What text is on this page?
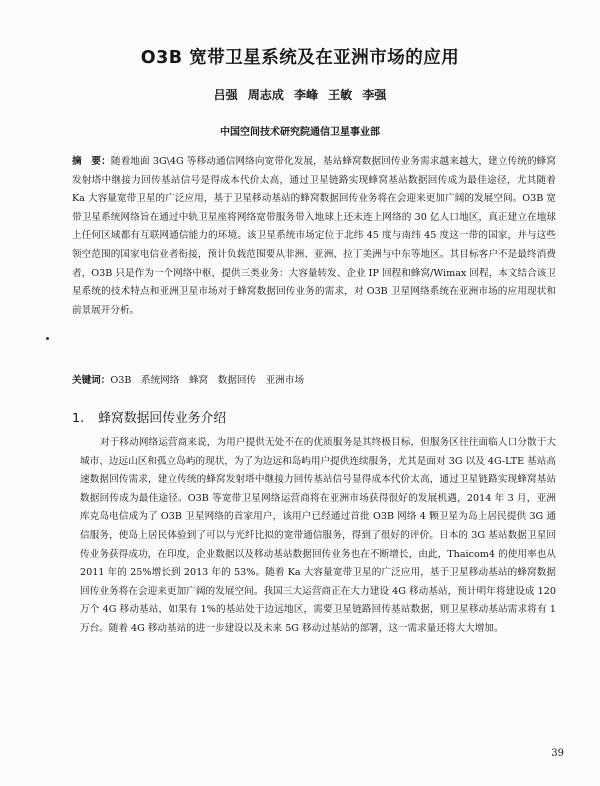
O3B 宽带卫星系统及在亚洲市场的应用

吕强 周志成 李峰 王敏 李强

中国空间技术研究院通信卫星事业部

摘　要：随着地面 3G\4G 等移动通信网络向宽带化发展，基站蜂窝数据回传业务需求越来越大，建立传统的蜂窝发射塔中继接力回传基站信号是得成本代价太高，通过卫星链路实现蜂窝基站数据回传成为最佳途径，尤其随着 Ka 大容量宽带卫星的广泛应用，基于卫星移动基站的蜂窝数据回传业务将在会迎来更加广阔的发展空间。O3B 宽带卫星系统网络旨在通过中轨卫星座将网络宽带服务带入地球上还未连上网络的 30 亿人口地区，真正建立在地球上任何区域都有互联网通信能力的环境。该卫星系统市场定位于北纬 45 度与南纬 45 度这一带的国家，并与这些领空范围的国家电信业者衔接，预计负载范围要从非洲、亚洲、拉丁美洲与中东等地区。其目标客户不是最终消费者，O3B 只是作为一个网络中枢，提供三类业务：大容量转发、企业 IP 回程和蜂窝/Wimax 回程，本文结合该卫星系统的技术特点和亚洲卫星市场对于蜂窝数据回传业务的需求，对 O3B 卫星网络系统在亚洲市场的应用现状和前景展开分析。

关键词：O3B　系统网络　蜂窝　数据回传　亚洲市场

1. 蜂窝数据回传业务介绍

对于移动网络运营商来说，为用户提供无处不在的优质服务是其终极目标，但服务区往往面临人口分散于大城市、边远山区和孤立岛屿的现状，为了为边远和岛屿用户提供连续服务，尤其是面对 3G 以及 4G-LTE 基站高速数据回传需求，建立传统的蜂窝发射塔中继接力回传基站信号显得成本代价太高，通过卫星链路实现蜂窝基站数据回传成为最佳途径。O3B 等宽带卫星网络运营商将在亚洲市场获得很好的发展机遇，2014 年 3 月，亚洲库克岛电信成为了 O3B 卫星网络的首家用户，该用户已经通过首批 O3B 网络 4 颗卫星为岛上居民提供 3G 通信服务，使岛上居民体验到了可以与光纤比拟的宽带通信服务，得到了很好的评价。日本的 3G 基站数据卫星回传业务获得成功，在印度，企业数据以及移动基站数据回传业务也在不断增长，由此，Thaicom4 的使用率也从 2011 年的 25%增长到 2013 年的 53%。随着 Ka 大容量宽带卫星的广泛应用，基于卫星移动基站的蜂窝数据回传业务将在会迎来更加广阔的发展空间。我国三大运营商正在大力建设 4G 移动基站，预计明年将建设成 120 万个 4G 移动基站，如果有 1%的基站处于边远地区，需要卫星链路回传基站数据，则卫星移动基站需求将有 1 万台。随着 4G 移动基站的进一步建设以及未来 5G 移动过基站的部署，这一需求量还将大大增加。

39
